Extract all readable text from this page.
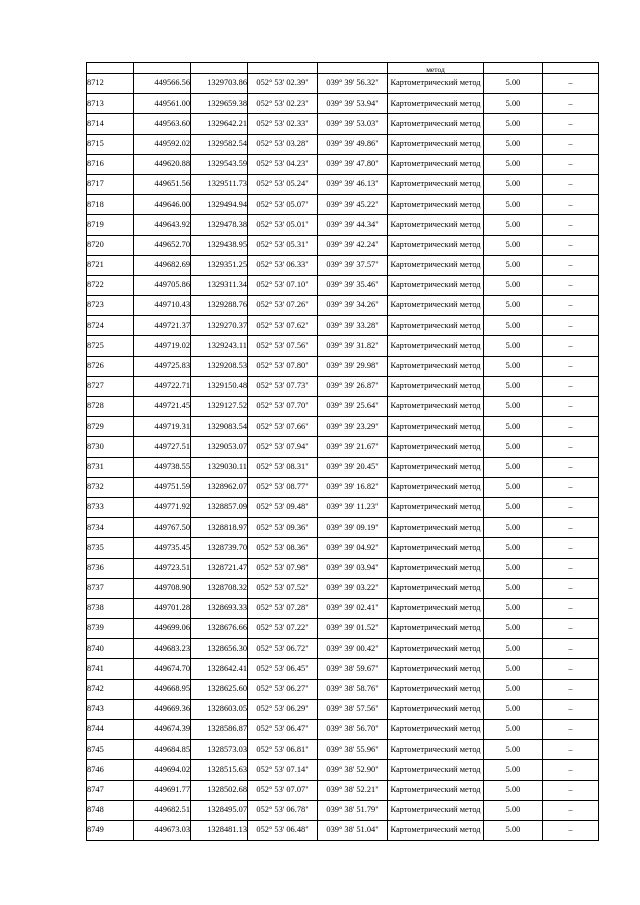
					метод		
8712	449566.56	1329703.86	052° 53' 02.39"	039° 39' 56.32"	Картометрический метод	5.00	–
8713	449561.00	1329659.38	052° 53' 02.23"	039° 39' 53.94"	Картометрический метод	5.00	–
8714	449563.60	1329642.21	052° 53' 02.33"	039° 39' 53.03"	Картометрический метод	5.00	–
8715	449592.02	1329582.54	052° 53' 03.28"	039° 39' 49.86"	Картометрический метод	5.00	–
8716	449620.88	1329543.59	052° 53' 04.23"	039° 39' 47.80"	Картометрический метод	5.00	–
8717	449651.56	1329511.73	052° 53' 05.24"	039° 39' 46.13"	Картометрический метод	5.00	–
8718	449646.00	1329494.94	052° 53' 05.07"	039° 39' 45.22"	Картометрический метод	5.00	–
8719	449643.92	1329478.38	052° 53' 05.01"	039° 39' 44.34"	Картометрический метод	5.00	–
8720	449652.70	1329438.95	052° 53' 05.31"	039° 39' 42.24"	Картометрический метод	5.00	–
8721	449682.69	1329351.25	052° 53' 06.33"	039° 39' 37.57"	Картометрический метод	5.00	–
8722	449705.86	1329311.34	052° 53' 07.10"	039° 39' 35.46"	Картометрический метод	5.00	–
8723	449710.43	1329288.76	052° 53' 07.26"	039° 39' 34.26"	Картометрический метод	5.00	–
8724	449721.37	1329270.37	052° 53' 07.62"	039° 39' 33.28"	Картометрический метод	5.00	–
8725	449719.02	1329243.11	052° 53' 07.56"	039° 39' 31.82"	Картометрический метод	5.00	–
8726	449725.83	1329208.53	052° 53' 07.80"	039° 39' 29.98"	Картометрический метод	5.00	–
8727	449722.71	1329150.48	052° 53' 07.73"	039° 39' 26.87"	Картометрический метод	5.00	–
8728	449721.45	1329127.52	052° 53' 07.70"	039° 39' 25.64"	Картометрический метод	5.00	–
8729	449719.31	1329083.54	052° 53' 07.66"	039° 39' 23.29"	Картометрический метод	5.00	–
8730	449727.51	1329053.07	052° 53' 07.94"	039° 39' 21.67"	Картометрический метод	5.00	–
8731	449738.55	1329030.11	052° 53' 08.31"	039° 39' 20.45"	Картометрический метод	5.00	–
8732	449751.59	1328962.07	052° 53' 08.77"	039° 39' 16.82"	Картометрический метод	5.00	–
8733	449771.92	1328857.09	052° 53' 09.48"	039° 39' 11.23"	Картометрический метод	5.00	–
8734	449767.50	1328818.97	052° 53' 09.36"	039° 39' 09.19"	Картометрический метод	5.00	–
8735	449735.45	1328739.70	052° 53' 08.36"	039° 39' 04.92"	Картометрический метод	5.00	–
8736	449723.51	1328721.47	052° 53' 07.98"	039° 39' 03.94"	Картометрический метод	5.00	–
8737	449708.90	1328708.32	052° 53' 07.52"	039° 39' 03.22"	Картометрический метод	5.00	–
8738	449701.28	1328693.33	052° 53' 07.28"	039° 39' 02.41"	Картометрический метод	5.00	–
8739	449699.06	1328676.66	052° 53' 07.22"	039° 39' 01.52"	Картометрический метод	5.00	–
8740	449683.23	1328656.30	052° 53' 06.72"	039° 39' 00.42"	Картометрический метод	5.00	–
8741	449674.70	1328642.41	052° 53' 06.45"	039° 38' 59.67"	Картометрический метод	5.00	–
8742	449668.95	1328625.60	052° 53' 06.27"	039° 38' 58.76"	Картометрический метод	5.00	–
8743	449669.36	1328603.05	052° 53' 06.29"	039° 38' 57.56"	Картометрический метод	5.00	–
8744	449674.39	1328586.87	052° 53' 06.47"	039° 38' 56.70"	Картометрический метод	5.00	–
8745	449684.85	1328573.03	052° 53' 06.81"	039° 38' 55.96"	Картометрический метод	5.00	–
8746	449694.02	1328515.63	052° 53' 07.14"	039° 38' 52.90"	Картометрический метод	5.00	–
8747	449691.77	1328502.68	052° 53' 07.07"	039° 38' 52.21"	Картометрический метод	5.00	–
8748	449682.51	1328495.07	052° 53' 06.78"	039° 38' 51.79"	Картометрический метод	5.00	–
8749	449673.03	1328481.13	052° 53' 06.48"	039° 38' 51.04"	Картометрический метод	5.00	–
